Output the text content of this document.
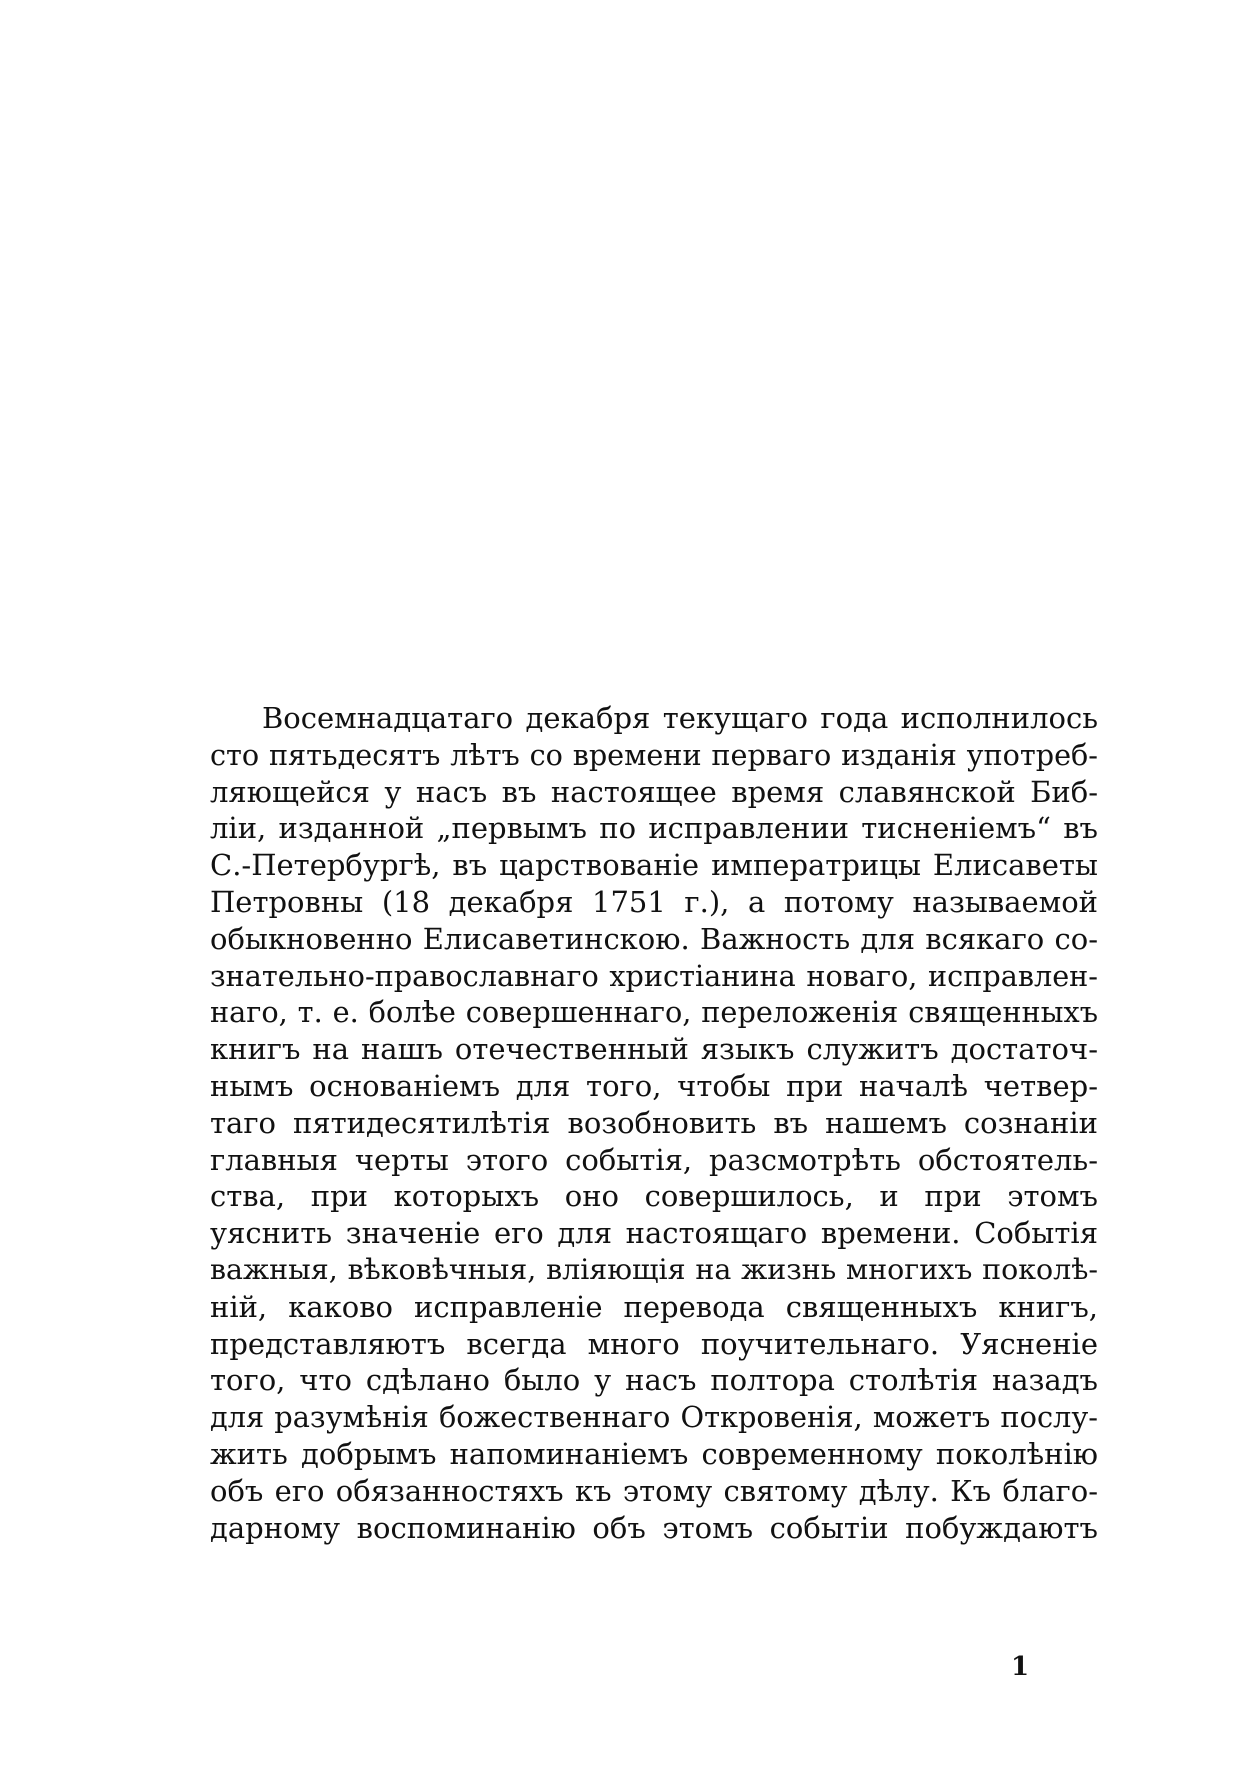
Восемнадцатаго декабря текущаго года исполнилось
сто пятьдесятъ лѣтъ со времени перваго изданія употреб-
ляющейся у насъ въ настоящее время славянской Биб-
ліи, изданной „первымъ по исправлении тисненіемъ“ въ
С.-Петербургѣ, въ царствованіе императрицы Елисаветы
Петровны (18 декабря 1751 г.), а потому называемой
обыкновенно Елисаветинскою. Важность для всякаго со-
знательно-православнаго христіанина новаго, исправлен-
наго, т. е. болѣе совершеннаго, переложенія священныхъ
книгъ на нашъ отечественный языкъ служитъ достаточ-
нымъ основаніемъ для того, чтобы при началѣ четвер-
таго пятидесятилѣтія возобновить въ нашемъ сознаніи
главныя черты этого событія, разсмотрѣть обстоятель-
ства, при которыхъ оно совершилось, и при этомъ
уяснить значеніе его для настоящаго времени. Событія
важныя, вѣковѣчныя, вліяющія на жизнь многихъ поколѣ-
ній, каково исправленіе перевода священныхъ книгъ,
представляютъ всегда много поучительнаго. Уясненіе
того, что сдѣлано было у насъ полтора столѣтія назадъ
для разумѣнія божественнаго Откровенія, можетъ послу-
жить добрымъ напоминаніемъ современному поколѣнію
объ его обязанностяхъ къ этому святому дѣлу. Къ благо-
дарному воспоминанію объ этомъ событіи побуждаютъ
1
